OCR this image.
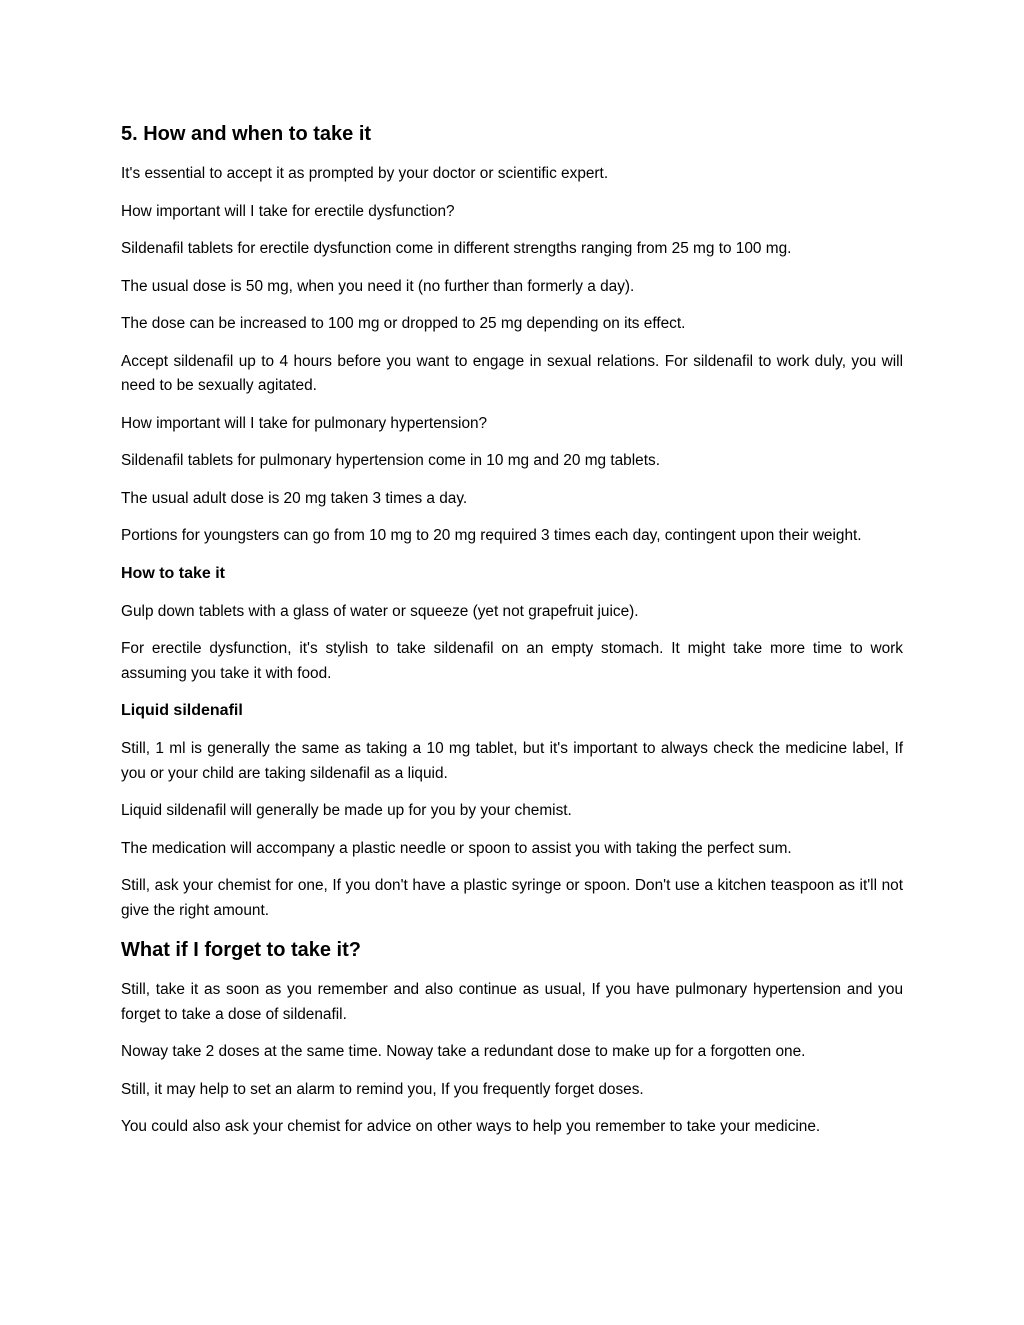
5. How and when to take it

It's essential to accept it as prompted by your doctor or scientific expert.

How important will I take for erectile dysfunction?

Sildenafil tablets for erectile dysfunction come in different strengths ranging from 25 mg to 100 mg.

The usual dose is 50 mg, when you need it (no further than formerly a day).

The dose can be increased to 100 mg or dropped to 25 mg depending on its effect.

Accept sildenafil up to 4 hours before you want to engage in sexual relations. For sildenafil to work duly, you will need to be sexually agitated.

How important will I take for pulmonary hypertension?

Sildenafil tablets for pulmonary hypertension come in 10 mg and 20 mg tablets.

The usual adult dose is 20 mg taken 3 times a day.

Portions for youngsters can go from 10 mg to 20 mg required 3 times each day, contingent upon their weight.

How to take it

Gulp down tablets with a glass of water or squeeze (yet not grapefruit juice).

For erectile dysfunction, it's stylish to take sildenafil on an empty stomach. It might take more time to work assuming you take it with food.

Liquid sildenafil

Still, 1 ml is generally the same as taking a 10 mg tablet, but it's important to always check the medicine label, If you or your child are taking sildenafil as a liquid.

Liquid sildenafil will generally be made up for you by your chemist.

The medication will accompany a plastic needle or spoon to assist you with taking the perfect sum.

Still, ask your chemist for one, If you don't have a plastic syringe or spoon. Don't use a kitchen teaspoon as it'll not give the right amount.

What if I forget to take it?

Still, take it as soon as you remember and also continue as usual, If you have pulmonary hypertension and you forget to take a dose of sildenafil.

Noway take 2 doses at the same time. Noway take a redundant dose to make up for a forgotten one.

Still, it may help to set an alarm to remind you, If you frequently forget doses.

You could also ask your chemist for advice on other ways to help you remember to take your medicine.
